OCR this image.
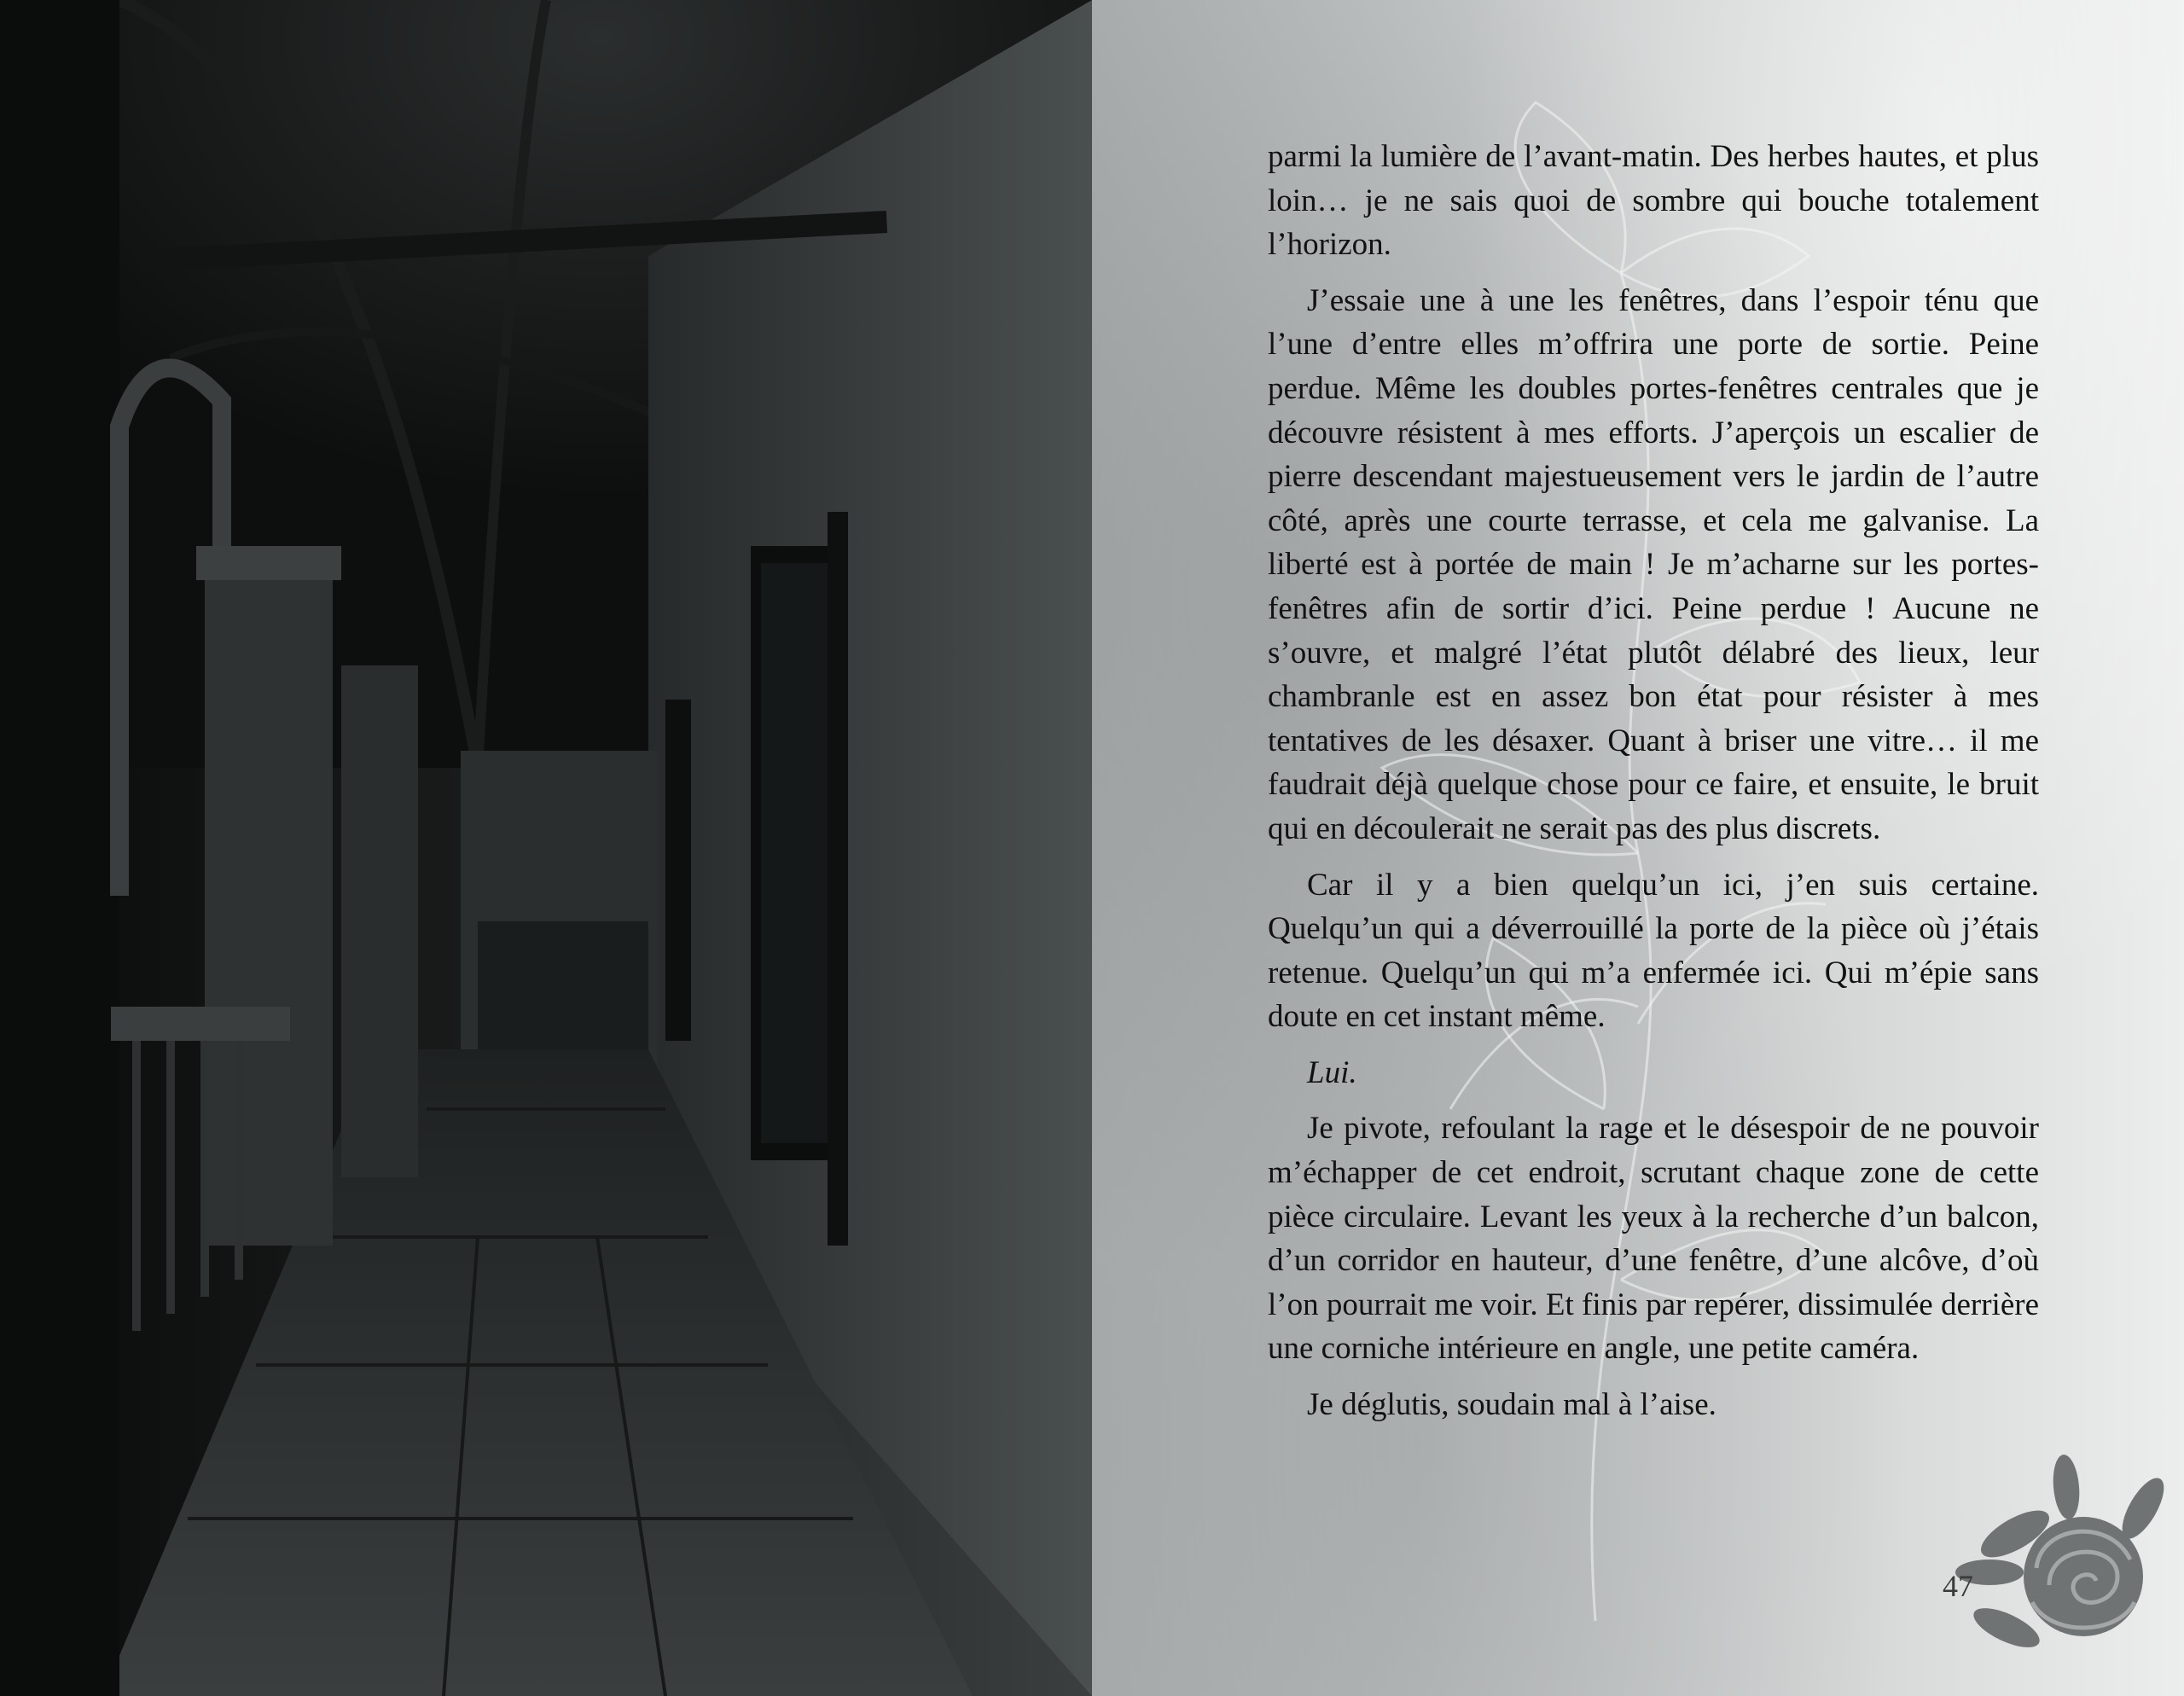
parmi la lumière de l’avant-matin. Des herbes hautes, et plus loin… je ne sais quoi de sombre qui bouche totalement l’horizon.

J’essaie une à une les fenêtres, dans l’espoir ténu que l’une d’entre elles m’offrira une porte de sortie. Peine perdue. Même les doubles portes-fenêtres centrales que je découvre résistent à mes efforts. J’aperçois un escalier de pierre descendant majestueusement vers le jardin de l’autre côté, après une courte terrasse, et cela me galvanise. La liberté est à portée de main ! Je m’acharne sur les portes-fenêtres afin de sortir d’ici. Peine perdue ! Aucune ne s’ouvre, et malgré l’état plutôt délabré des lieux, leur chambranle est en assez bon état pour résister à mes tentatives de les désaxer. Quant à briser une vitre… il me faudrait déjà quelque chose pour ce faire, et ensuite, le bruit qui en découlerait ne serait pas des plus discrets.

Car il y a bien quelqu’un ici, j’en suis certaine. Quelqu’un qui a déverrouillé la porte de la pièce où j’étais retenue. Quelqu’un qui m’a enfermée ici. Qui m’épie sans doute en cet instant même.

Lui.

Je pivote, refoulant la rage et le désespoir de ne pouvoir m’échapper de cet endroit, scrutant chaque zone de cette pièce circulaire. Levant les yeux à la recherche d’un balcon, d’un corridor en hauteur, d’une fenêtre, d’une alcôve, d’où l’on pourrait me voir. Et finis par repérer, dissimulée derrière une corniche intérieure en angle, une petite caméra.

Je déglutis, soudain mal à l’aise.

47
